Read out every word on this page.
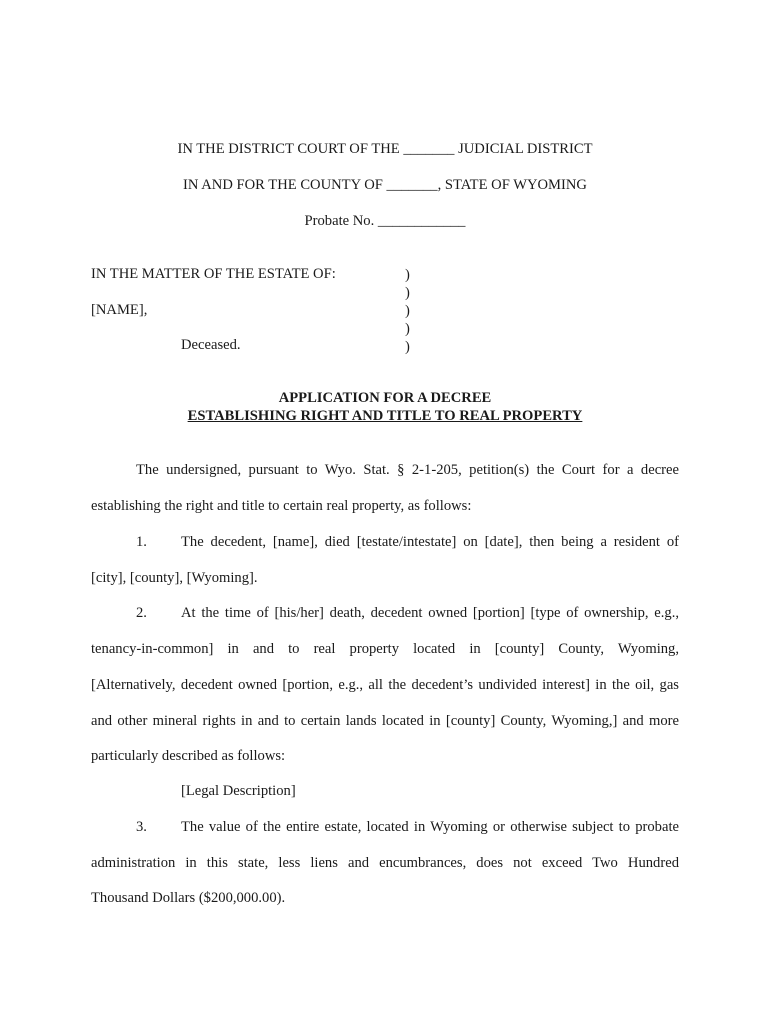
IN THE DISTRICT COURT OF THE _______ JUDICIAL DISTRICT
IN AND FOR THE COUNTY OF _______, STATE OF WYOMING
Probate No. ____________
IN THE MATTER OF THE ESTATE OF:
[NAME],
Deceased.
)
)
)
)
)
APPLICATION FOR A DECREE
ESTABLISHING RIGHT AND TITLE TO REAL PROPERTY
The undersigned, pursuant to Wyo. Stat. § 2-1-205, petition(s) the Court for a decree
establishing the right and title to certain real property, as follows:
1. The decedent, [name], died [testate/intestate] on [date], then being a resident of
[city], [county], [Wyoming].
2. At the time of [his/her] death, decedent owned [portion] [type of ownership, e.g.,
tenancy-in-common] in and to real property located in [county] County, Wyoming,
[Alternatively, decedent owned [portion, e.g., all the decedent’s undivided interest] in the oil, gas
and other mineral rights in and to certain lands located in [county] County, Wyoming,] and more
particularly described as follows:
[Legal Description]
3. The value of the entire estate, located in Wyoming or otherwise subject to probate
administration in this state, less liens and encumbrances, does not exceed Two Hundred
Thousand Dollars ($200,000.00).
